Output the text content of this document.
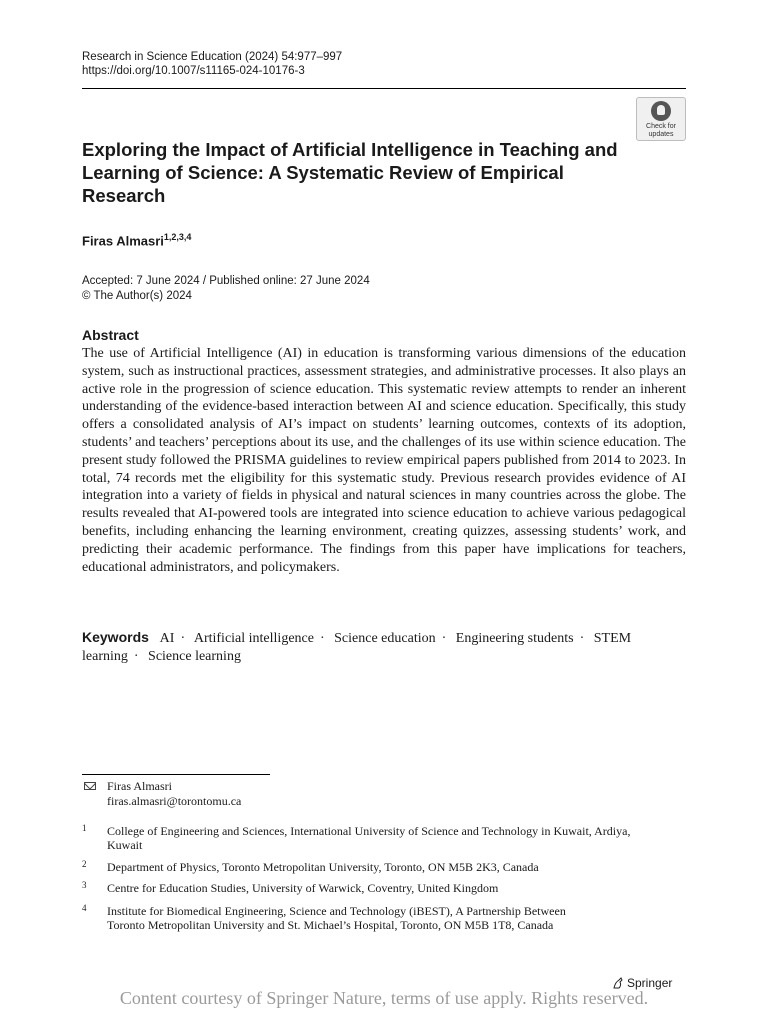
Research in Science Education (2024) 54:977–997
https://doi.org/10.1007/s11165-024-10176-3
Check for
updates
Exploring the Impact of Artificial Intelligence in Teaching and Learning of Science: A Systematic Review of Empirical Research
Firas Almasri$^{1,2,3,4}$
Accepted: 7 June 2024 / Published online: 27 June 2024
© The Author(s) 2024
Abstract

The use of Artificial Intelligence (AI) in education is transforming various dimensions of the education system, such as instructional practices, assessment strategies, and administrative processes. It also plays an active role in the progression of science education. This systematic review attempts to render an inherent understanding of the evidence-based interaction between AI and science education. Specifically, this study offers a consolidated analysis of AI’s impact on students’ learning outcomes, contexts of its adoption, students’ and teachers’ perceptions about its use, and the challenges of its use within science education. The present study followed the PRISMA guidelines to review empirical papers published from 2014 to 2023. In total, 74 records met the eligibility for this systematic study. Previous research provides evidence of AI integration into a variety of fields in physical and natural sciences in many countries across the globe. The results revealed that AI-powered tools are integrated into science education to achieve various pedagogical benefits, including enhancing the learning environment, creating quizzes, assessing students’ work, and predicting their academic performance. The findings from this paper have implications for teachers, educational administrators, and policymakers.

Keywords AI · Artificial intelligence · Science education · Engineering students · STEM learning · Science learning
Firas Almasri
firas.almasri@torontomu.ca
1 College of Engineering and Sciences, International University of Science and Technology in Kuwait, Ardiya, Kuwait
2 Department of Physics, Toronto Metropolitan University, Toronto, ON M5B 2K3, Canada
3 Centre for Education Studies, University of Warwick, Coventry, United Kingdom
4 Institute for Biomedical Engineering, Science and Technology (iBEST), A Partnership Between Toronto Metropolitan University and St. Michael’s Hospital, Toronto, ON M5B 1T8, Canada
Springer
Content courtesy of Springer Nature, terms of use apply. Rights reserved.
